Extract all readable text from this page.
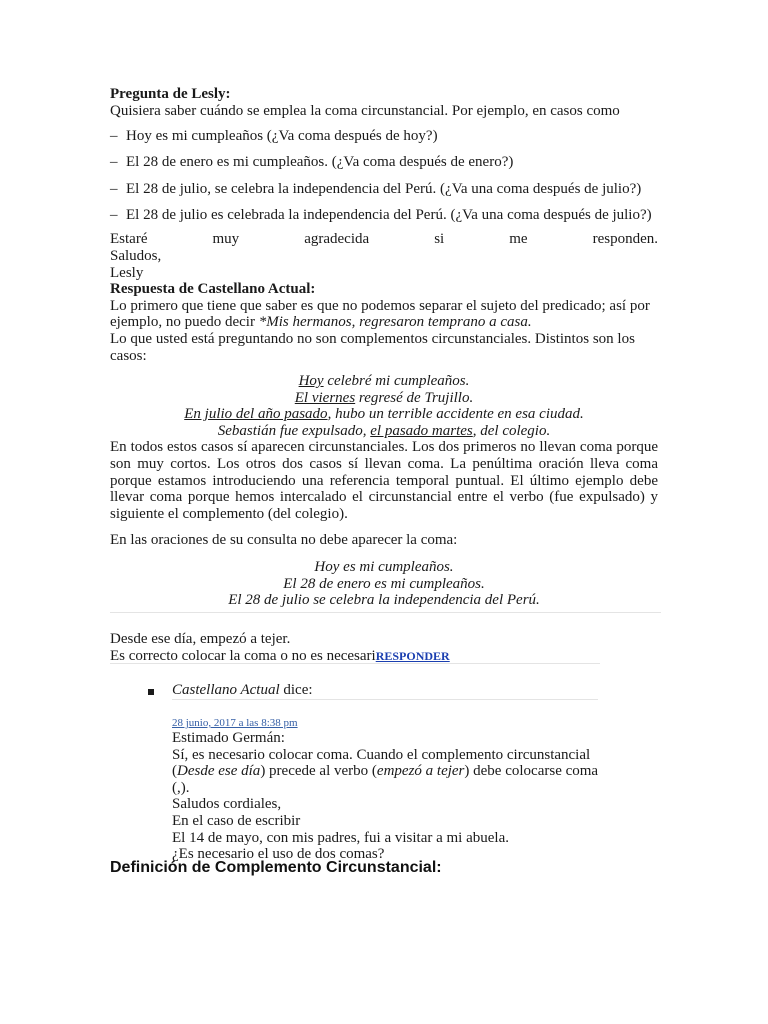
Pregunta de Lesly:

Quisiera saber cuándo se emplea la coma circunstancial. Por ejemplo, en casos como

– Hoy es mi cumpleaños (¿Va coma después de hoy?)
– El 28 de enero es mi cumpleaños. (¿Va coma después de enero?)
– El 28 de julio, se celebra la independencia del Perú. (¿Va una coma después de julio?)
– El 28 de julio es celebrada la independencia del Perú. (¿Va una coma después de julio?)

Estaré muy agradecida si me responden.

Saludos,

Lesly

Respuesta de Castellano Actual:

Lo primero que tiene que saber es que no podemos separar el sujeto del predicado; así por ejemplo, no puedo decir *Mis hermanos, regresaron temprano a casa.

Lo que usted está preguntando no son complementos circunstanciales. Distintos son los casos:

Hoy celebré mi cumpleaños.
El viernes regresé de Trujillo.
En julio del año pasado, hubo un terrible accidente en esa ciudad.
Sebastián fue expulsado, el pasado martes, del colegio.

En todos estos casos sí aparecen circunstanciales. Los dos primeros no llevan coma porque son muy cortos. Los otros dos casos sí llevan coma. La penúltima oración lleva coma porque estamos introduciendo una referencia temporal puntual. El último ejemplo debe llevar coma porque hemos intercalado el circunstancial entre el verbo (fue expulsado) y siguiente el complemento (del colegio).

En las oraciones de su consulta no debe aparecer la coma:

Hoy es mi cumpleaños.
El 28 de enero es mi cumpleaños.
El 28 de julio se celebra la independencia del Perú.
Desde ese día, empezó a tejer.
Es correcto colocar la coma o no es necesariRESPONDER
Castellano Actual dice:
28 junio, 2017 a las 8:38 pm
Estimado Germán:
Sí, es necesario colocar coma. Cuando el complemento circunstancial (Desde ese día) precede al verbo (empezó a tejer) debe colocarse coma (,).
Saludos cordiales,
En el caso de escribir
El 14 de mayo, con mis padres, fui a visitar a mi abuela.
¿Es necesario el uso de dos comas?
Definición de Complemento Circunstancial:
